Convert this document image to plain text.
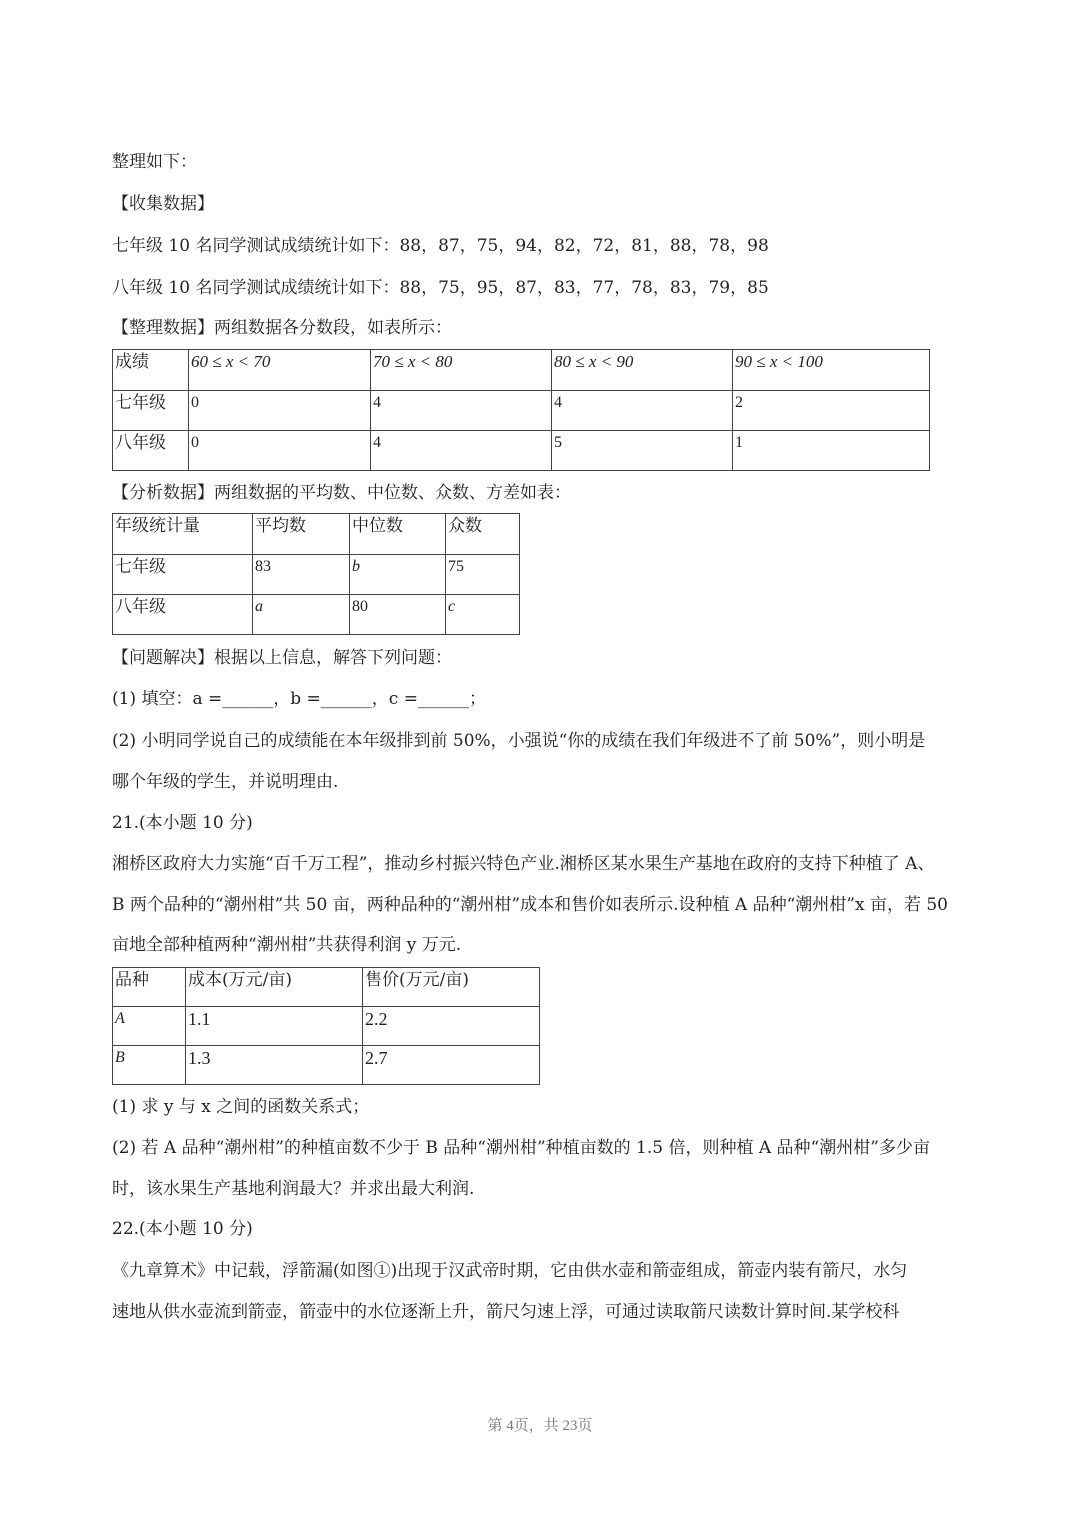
整理如下：
【收集数据】
七年级 10 名同学测试成绩统计如下：88，87，75，94，82，72，81，88，78，98
八年级 10 名同学测试成绩统计如下：88，75，95，87，83，77，78，83，79，85
【整理数据】两组数据各分数段，如表所示：
成绩	60 ≤ x < 70	70 ≤ x < 80	80 ≤ x < 90	90 ≤ x < 100
七年级	0	4	4	2
八年级	0	4	5	1
【分析数据】两组数据的平均数、中位数、众数、方差如表：
年级统计量	平均数	中位数	众数
七年级	83	b	75
八年级	a	80	c
【问题解决】根据以上信息，解答下列问题：
(1) 填空：a =______，b =______，c =______；
(2) 小明同学说自己的成绩能在本年级排到前 50%，小强说“你的成绩在我们年级进不了前 50%”，则小明是
哪个年级的学生，并说明理由.
21.(本小题 10 分)
湘桥区政府大力实施“百千万工程”，推动乡村振兴特色产业.湘桥区某水果生产基地在政府的支持下种植了 A、
B 两个品种的“潮州柑”共 50 亩，两种品种的“潮州柑”成本和售价如表所示.设种植 A 品种“潮州柑”x 亩，若 50
亩地全部种植两种“潮州柑”共获得利润 y 万元.
品种	成本(万元/亩)	售价(万元/亩)
A	1.1	2.2
B	1.3	2.7
(1) 求 y 与 x 之间的函数关系式；
(2) 若 A 品种“潮州柑”的种植亩数不少于 B 品种“潮州柑”种植亩数的 1.5 倍，则种植 A 品种“潮州柑”多少亩
时，该水果生产基地利润最大？并求出最大利润.
22.(本小题 10 分)
《九章算术》中记载，浮箭漏(如图①)出现于汉武帝时期，它由供水壶和箭壶组成，箭壶内装有箭尺，水匀
速地从供水壶流到箭壶，箭壶中的水位逐渐上升，箭尺匀速上浮，可通过读取箭尺读数计算时间.某学校科
第 4页，共 23页
